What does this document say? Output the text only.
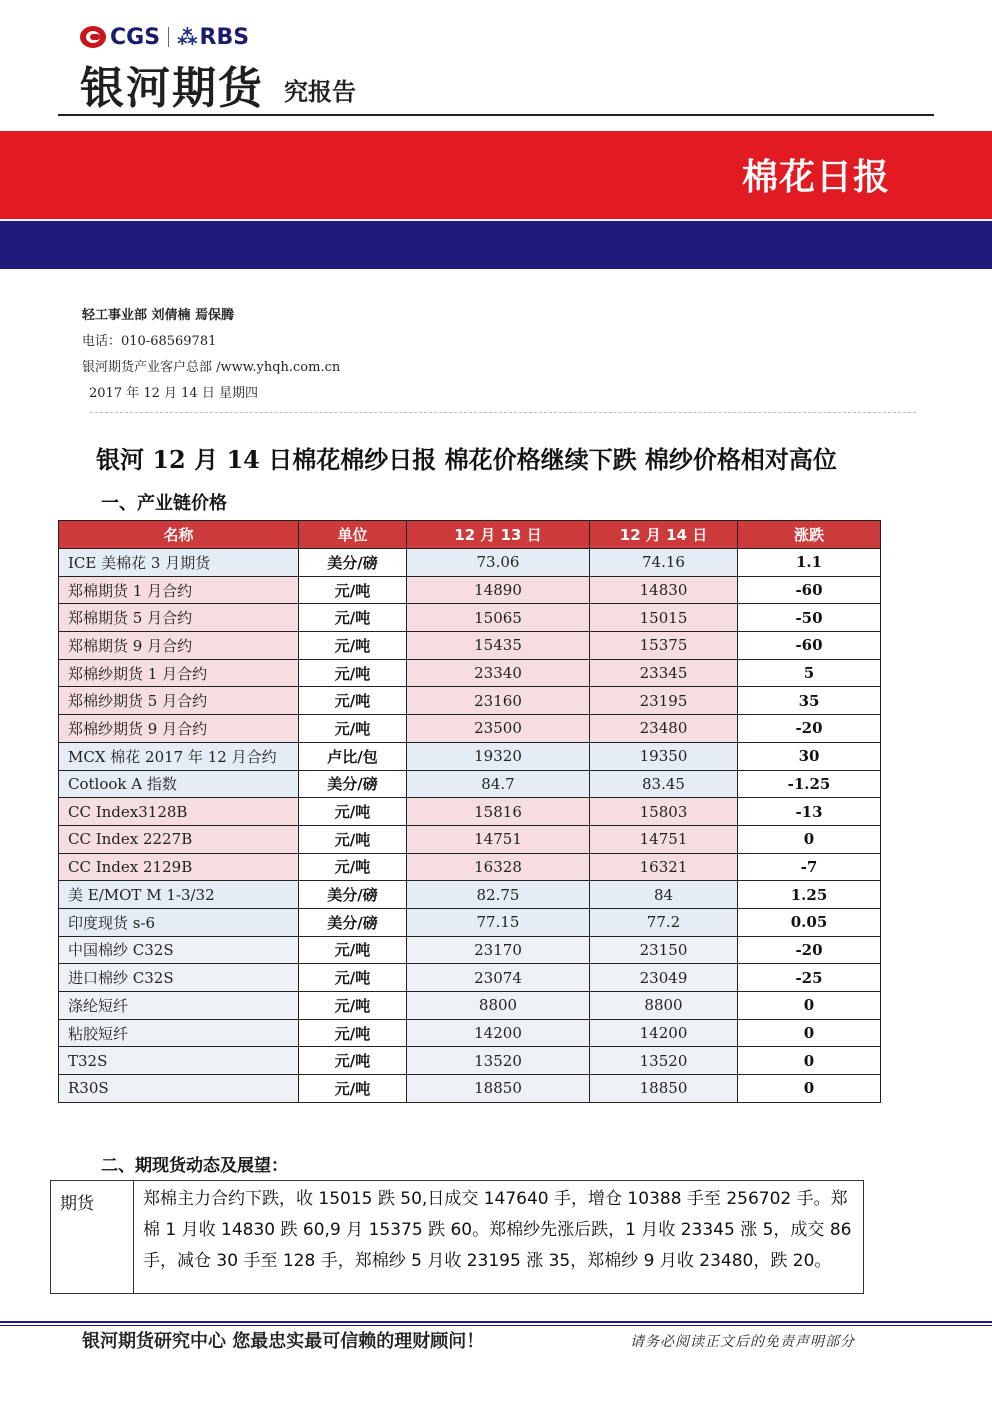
CGS ⁂ RBS
银河期货 究报告
棉花日报
轻工事业部 刘倩楠 焉保腾
电话：010-68569781
银河期货产业客户总部 /www.yhqh.com.cn
2017 年 12 月 14 日 星期四
银河 12 月 14 日棉花棉纱日报 棉花价格继续下跌 棉纱价格相对高位
一、产业链价格
名称	单位	12 月 13 日	12 月 14 日	涨跌
ICE 美棉花 3 月期货	美分/磅	73.06	74.16	1.1
郑棉期货 1 月合约	元/吨	14890	14830	-60
郑棉期货 5 月合约	元/吨	15065	15015	-50
郑棉期货 9 月合约	元/吨	15435	15375	-60
郑棉纱期货 1 月合约	元/吨	23340	23345	5
郑棉纱期货 5 月合约	元/吨	23160	23195	35
郑棉纱期货 9 月合约	元/吨	23500	23480	-20
MCX 棉花 2017 年 12 月合约	卢比/包	19320	19350	30
Cotlook A 指数	美分/磅	84.7	83.45	-1.25
CC Index3128B	元/吨	15816	15803	-13
CC Index 2227B	元/吨	14751	14751	0
CC Index 2129B	元/吨	16328	16321	-7
美 E/MOT M 1-3/32	美分/磅	82.75	84	1.25
印度现货 s-6	美分/磅	77.15	77.2	0.05
中国棉纱 C32S	元/吨	23170	23150	-20
进口棉纱 C32S	元/吨	23074	23049	-25
涤纶短纤	元/吨	8800	8800	0
粘胶短纤	元/吨	14200	14200	0
T32S	元/吨	13520	13520	0
R30S	元/吨	18850	18850	0
二、期现货动态及展望：
期货	郑棉主力合约下跌，收 15015 跌 50,日成交 147640 手，增仓 10388 手至 256702 手。郑棉 1 月收 14830 跌 60,9 月 15375 跌 60。郑棉纱先涨后跌，1 月收 23345 涨 5，成交 86 手，减仓 30 手至 128 手，郑棉纱 5 月收 23195 涨 35，郑棉纱 9 月收 23480，跌 20。
银河期货研究中心 您最忠实最可信赖的理财顾问！	请务必阅读正文后的免责声明部分
